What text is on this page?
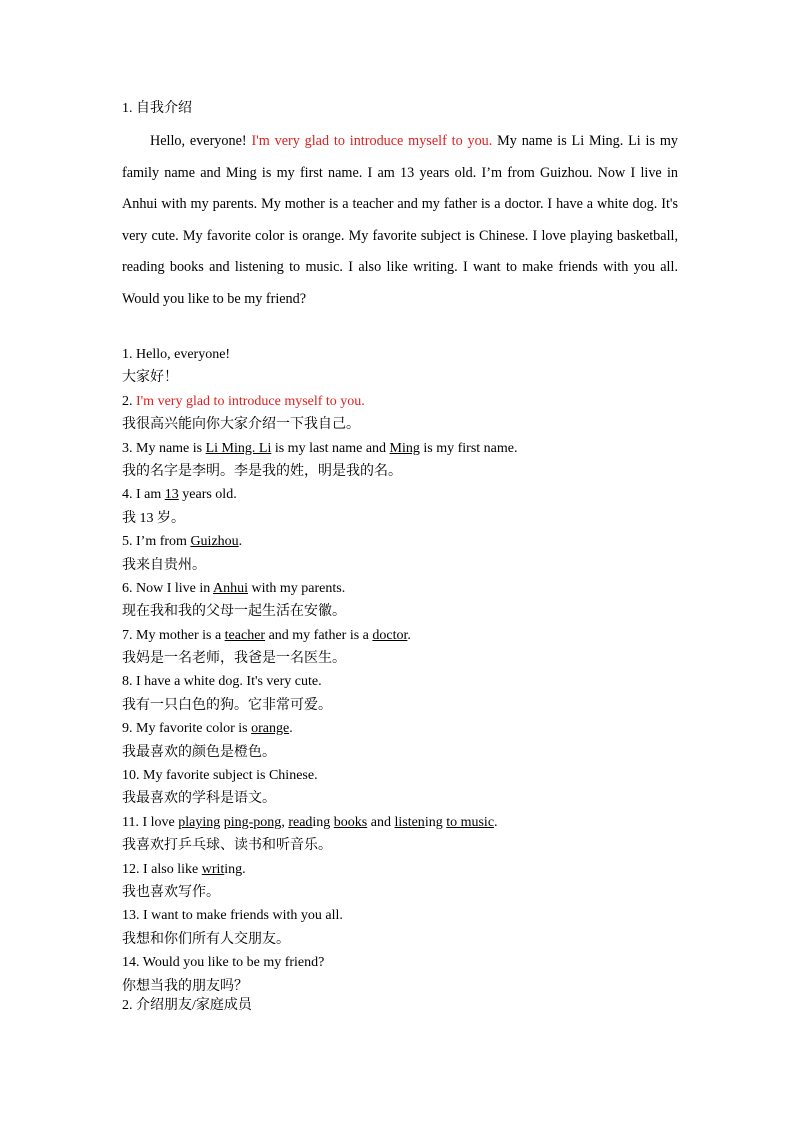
1. 自我介绍
Hello, everyone! I'm very glad to introduce myself to you. My name is Li Ming. Li is my family name and Ming is my first name. I am 13 years old. I’m from Guizhou. Now I live in Anhui with my parents. My mother is a teacher and my father is a doctor. I have a white dog. It's very cute. My favorite color is orange. My favorite subject is Chinese. I love playing basketball, reading books and listening to music. I also like writing. I want to make friends with you all. Would you like to be my friend?
1. Hello, everyone!
大家好！
2. I'm very glad to introduce myself to you.
我很高兴能向你大家介绍一下我自己。
3. My name is Li Ming. Li is my last name and Ming is my first name.
我的名字是李明。李是我的姓，明是我的名。
4. I am 13 years old.
我 13 岁。
5. I’m from Guizhou.
我来自贵州。
6. Now I live in Anhui with my parents.
现在我和我的父母一起生活在安徽。
7. My mother is a teacher and my father is a doctor.
我妈是一名老师，我爸是一名医生。
8. I have a white dog. It's very cute.
我有一只白色的狗。它非常可爱。
9. My favorite color is orange.
我最喜欢的颜色是橙色。
10. My favorite subject is Chinese.
我最喜欢的学科是语文。
11. I love playing ping-pong, reading books and listening to music.
我喜欢打乒乓球、读书和听音乐。
12. I also like writing.
我也喜欢写作。
13. I want to make friends with you all.
我想和你们所有人交朋友。
14. Would you like to be my friend?
你想当我的朋友吗？
2. 介绍朋友/家庭成员
